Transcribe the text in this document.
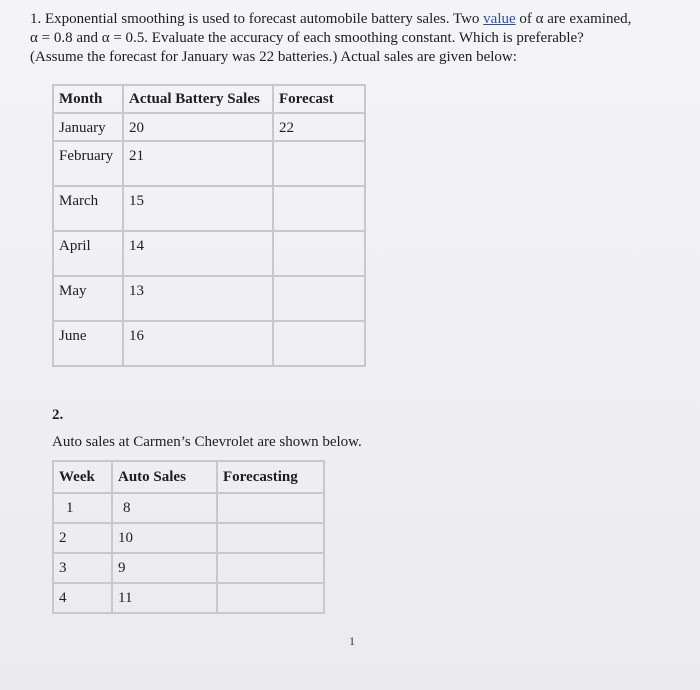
1. Exponential smoothing is used to forecast automobile battery sales. Two value of α are examined,
α = 0.8 and α = 0.5. Evaluate the accuracy of each smoothing constant. Which is preferable?
(Assume the forecast for January was 22 batteries.) Actual sales are given below:
Month	Actual Battery Sales	Forecast
January	20	22
February	21	
March	15	
April	14	
May	13	
June	16	
2.
Auto sales at Carmen’s Chevrolet are shown below.
Week	Auto Sales	Forecasting
1	8	
2	10	
3	9	
4	11	
1
